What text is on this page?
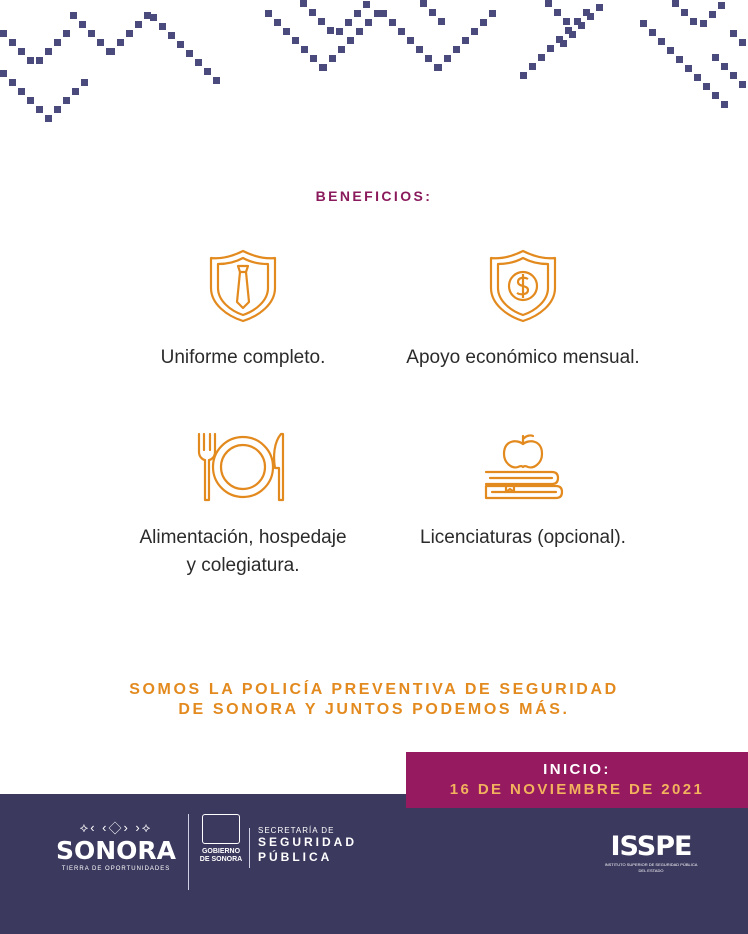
BENEFICIOS:
Uniforme completo.	Apoyo económico mensual.
Alimentación, hospedaje
y colegiatura.
Licenciaturas (opcional).
SOMOS LA POLICÍA PREVENTIVA DE SEGURIDAD
DE SONORA Y JUNTOS PODEMOS MÁS.
INICIO:
16 DE NOVIEMBRE DE 2021
⟡‹ ‹◇› ›⟡
SONORA
TIERRA DE OPORTUNIDADES
GOBIERNO
DE SONORA
SECRETARÍA DE
SEGURIDAD
PÚBLICA	ISSPE
INSTITUTO SUPERIOR DE SEGURIDAD PÚBLICA DEL ESTADO
